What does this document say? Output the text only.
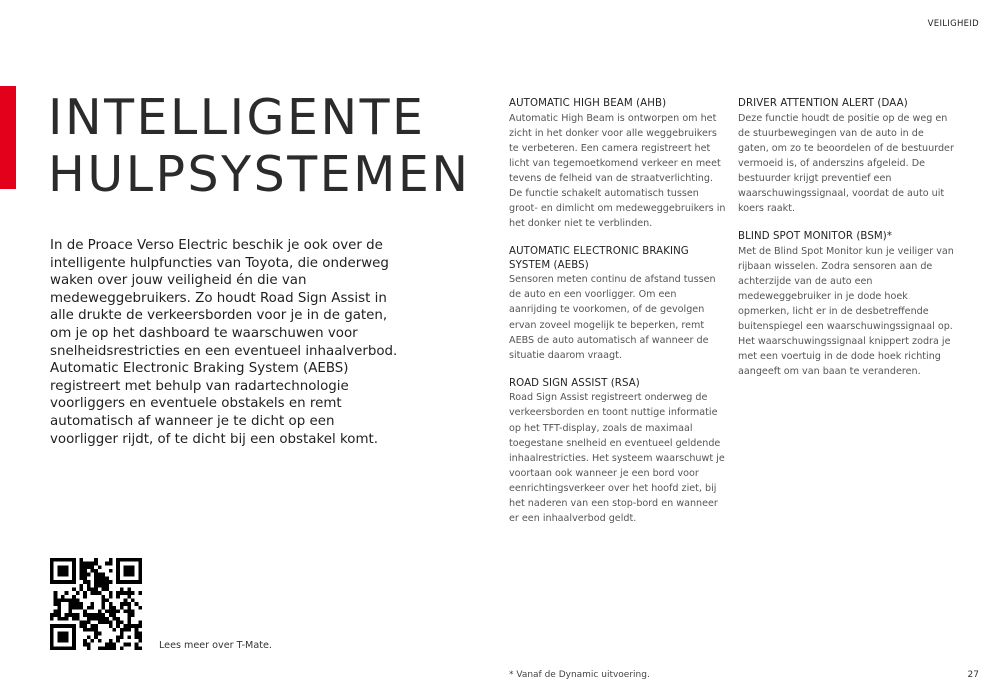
VEILIGHEID
INTELLIGENTE
HULPSYSTEMEN

In de Proace Verso Electric beschik je ook over de intelligente hulpfuncties van Toyota, die onderweg waken over jouw veiligheid én die van medeweggebruikers. Zo houdt Road Sign Assist in alle drukte de verkeersborden voor je in de gaten, om je op het dashboard te waarschuwen voor snelheidsrestricties en een eventueel inhaalverbod. Automatic Electronic Braking System (AEBS) registreert met behulp van radartechnologie voorliggers en eventuele obstakels en remt automatisch af wanneer je te dicht op een voorligger rijdt, of te dicht bij een obstakel komt.

AUTOMATIC HIGH BEAM (AHB)
Automatic High Beam is ontworpen om het zicht in het donker voor alle weggebruikers te verbeteren. Een camera registreert het licht van tegemoetkomend verkeer en meet tevens de felheid van de straatverlichting. De functie schakelt automatisch tussen groot- en dimlicht om medeweggebruikers in het donker niet te verblinden.
AUTOMATIC ELECTRONIC BRAKING SYSTEM (AEBS)
Sensoren meten continu de afstand tussen de auto en een voorligger. Om een aanrijding te voorkomen, of de gevolgen ervan zoveel mogelijk te beperken, remt AEBS de auto automatisch af wanneer de situatie daarom vraagt.
ROAD SIGN ASSIST (RSA)
Road Sign Assist registreert onderweg de verkeersborden en toont nuttige informatie op het TFT-display, zoals de maximaal toegestane snelheid en eventueel geldende inhaalrestricties. Het systeem waarschuwt je voortaan ook wanneer je een bord voor eenrichtingsverkeer over het hoofd ziet, bij het naderen van een stop-bord en wanneer er een inhaalverbod geldt.
DRIVER ATTENTION ALERT (DAA)
Deze functie houdt de positie op de weg en de stuurbewegingen van de auto in de gaten, om zo te beoordelen of de bestuurder vermoeid is, of anderszins afgeleid. De bestuurder krijgt preventief een waarschuwingssignaal, voordat de auto uit koers raakt.
BLIND SPOT MONITOR (BSM)*
Met de Blind Spot Monitor kun je veiliger van rijbaan wisselen. Zodra sensoren aan de achterzijde van de auto een medeweggebruiker in je dode hoek opmerken, licht er in de desbetreffende buitenspiegel een waarschuwingssignaal op. Het waarschuwingssignaal knippert zodra je met een voertuig in de dode hoek richting aangeeft om van baan te veranderen.
Lees meer over T-Mate.
* Vanaf de Dynamic uitvoering.	27
